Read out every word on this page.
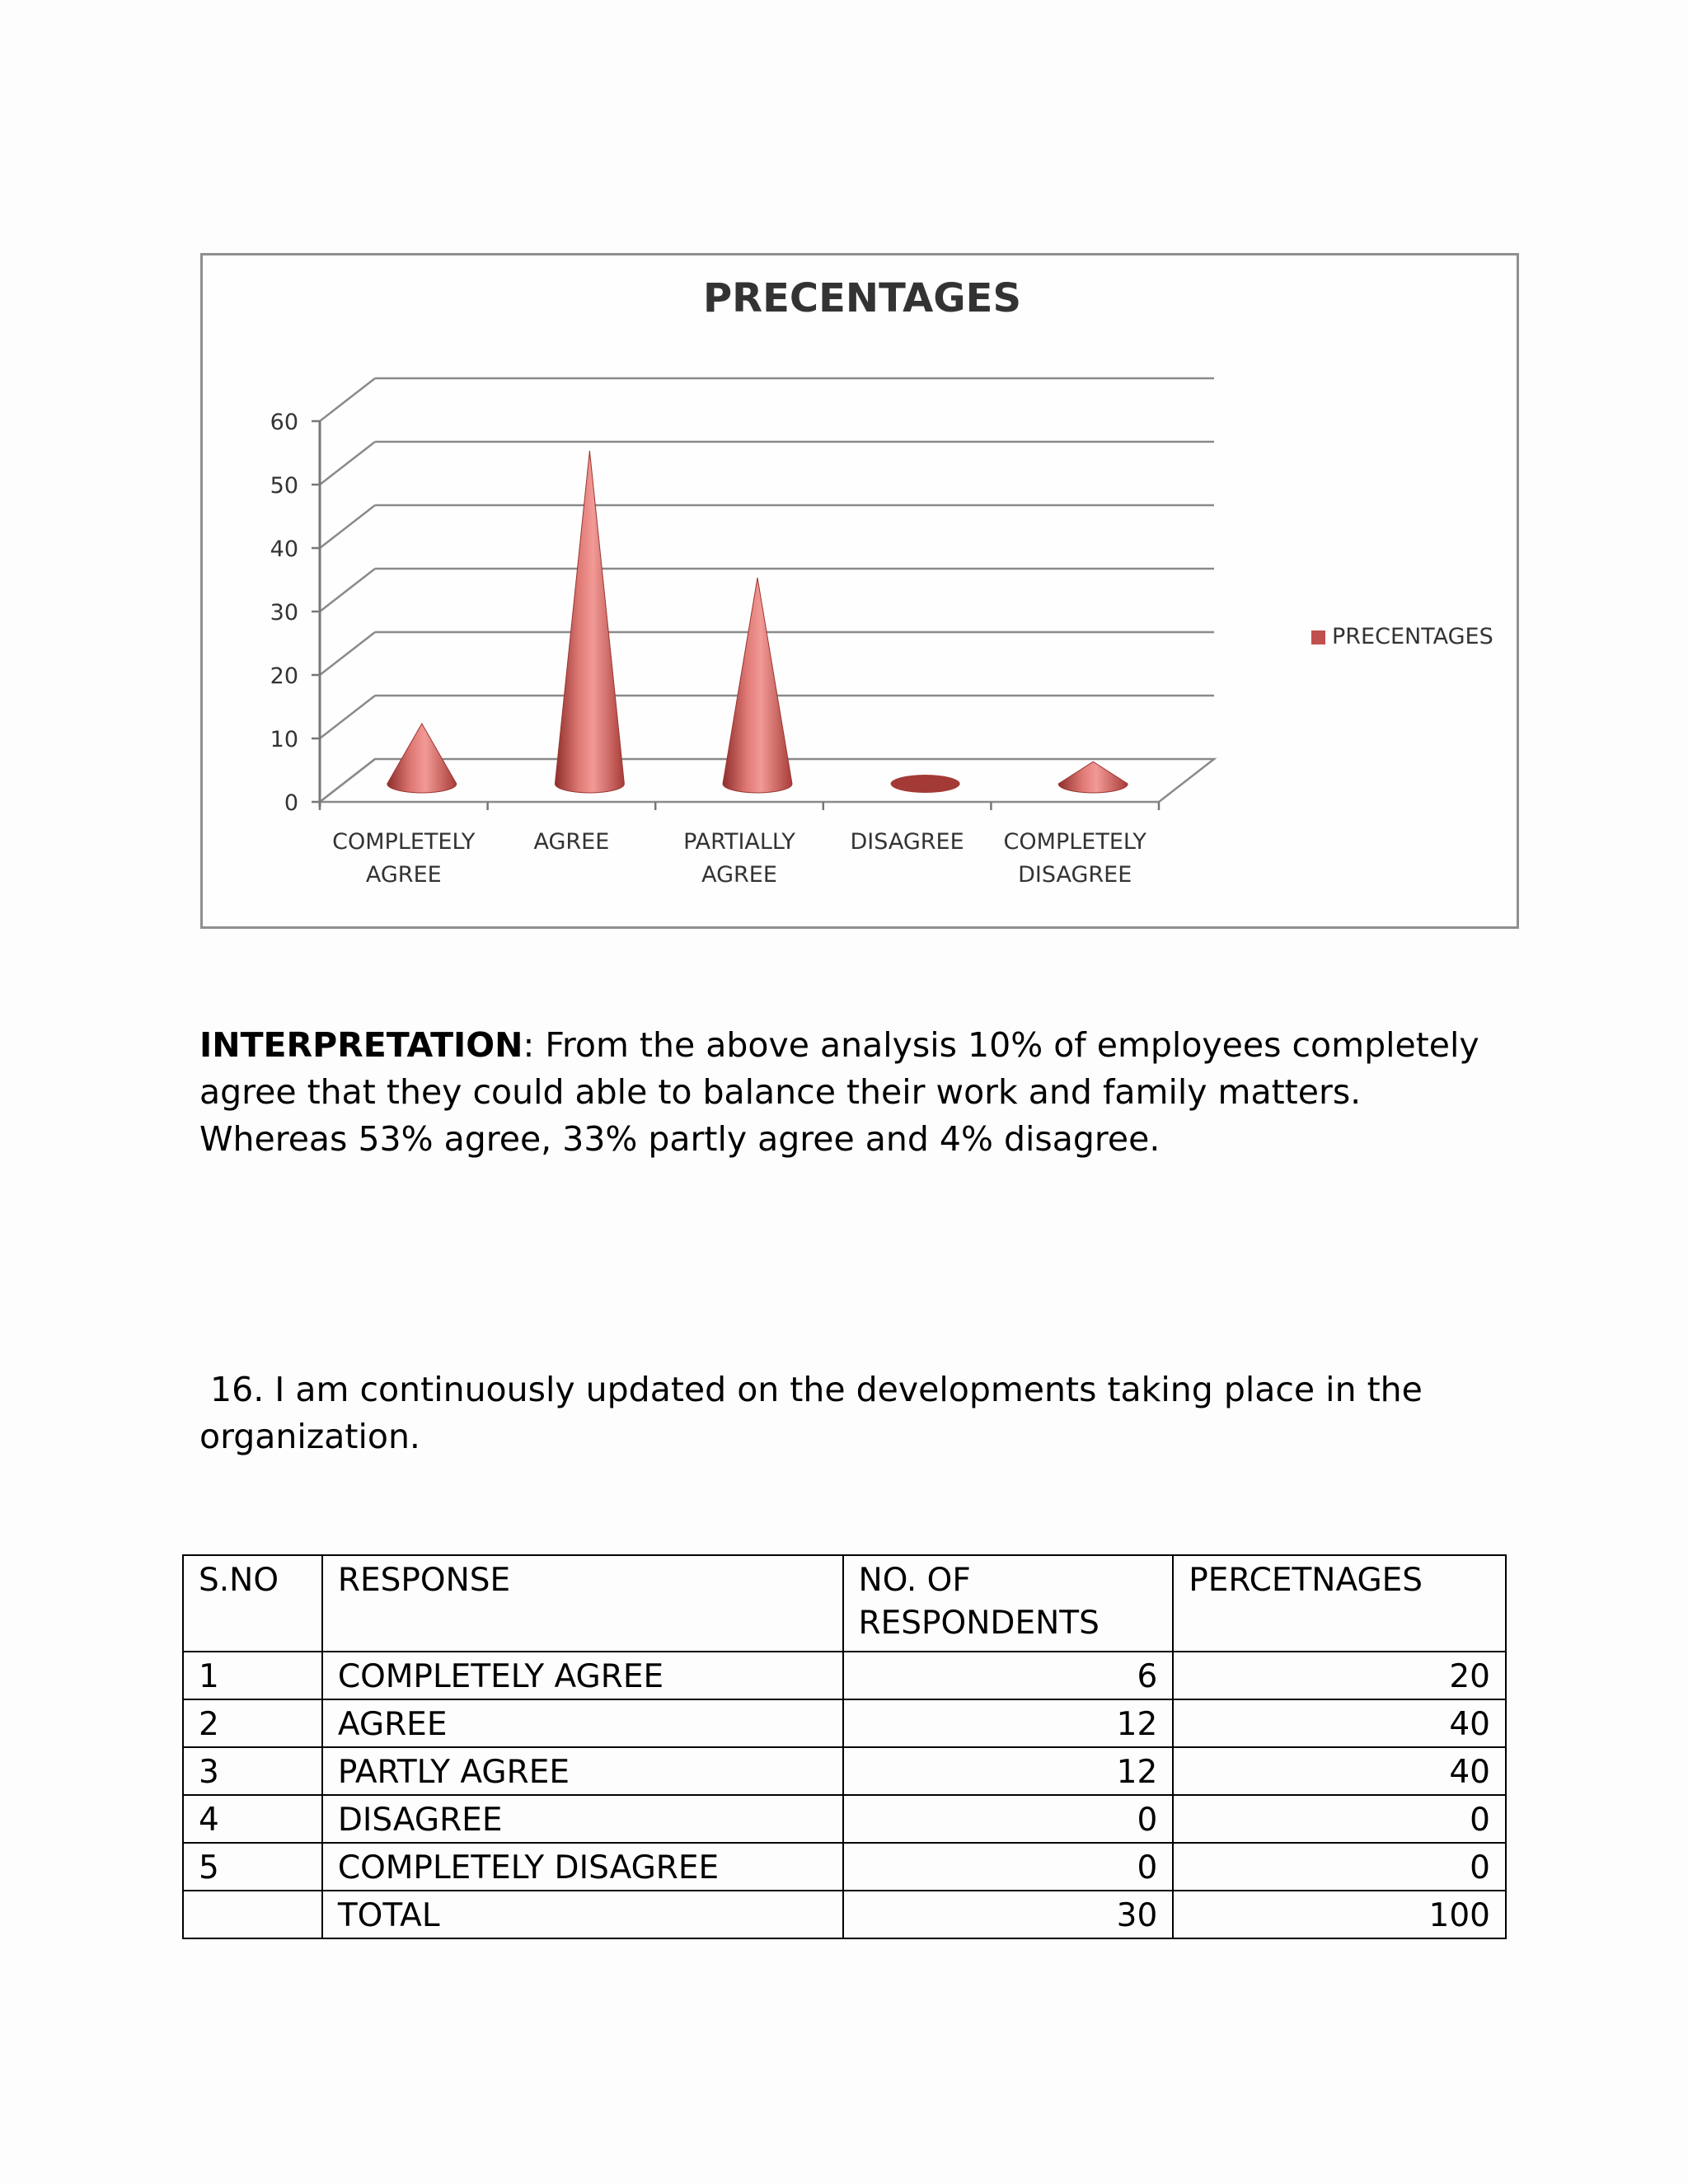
PRECENTAGES
0
10
20
30
40
50
60
COMPLETELY
AGREE
AGREE	PARTIALLY
AGREE
DISAGREE COMPLETELY
DISAGREE
PRECENTAGES

INTERPRETATION: From the above analysis 10% of employees completely agree that they could able to balance their work and family matters. Whereas 53% agree, 33% partly agree and 4% disagree.

16. I am continuously updated on the developments taking place in the organization.

S.NO	RESPONSE	NO. OF RESPONDENTS	PERCETNAGES
1	COMPLETELY AGREE	6	20
2	AGREE	12	40
3	PARTLY AGREE	12	40
4	DISAGREE	0	0
5	COMPLETELY DISAGREE	0	0
	TOTAL	30	100
